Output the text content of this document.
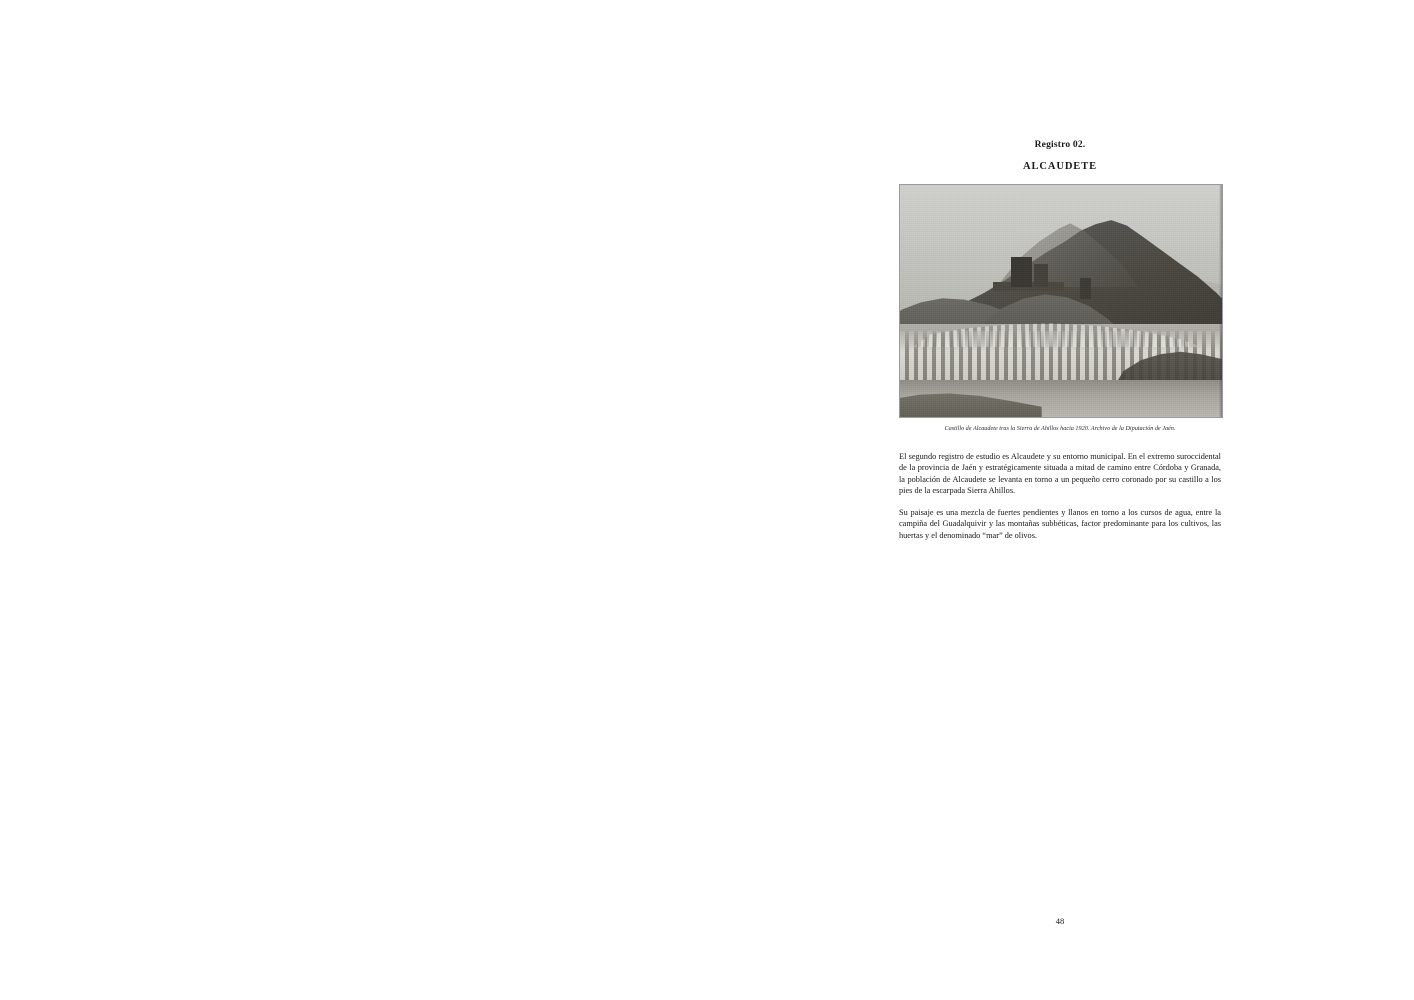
Registro 02.
ALCAUDETE
Castillo de Alcaudete tras la Sierra de Ahillos hacia 1920. Archivo de la Diputación de Jaén.

El segundo registro de estudio es Alcaudete y su entorno municipal. En el extremo suroccidental de la provincia de Jaén y estratégicamente situada a mitad de camino entre Córdoba y Granada, la población de Alcaudete se levanta en torno a un pequeño cerro coronado por su castillo a los pies de la escarpada Sierra Ahillos.

Su paisaje es una mezcla de fuertes pendientes y llanos en torno a los cursos de agua, entre la campiña del Guadalquivir y las montañas subbéticas, factor predominante para los cultivos, las huertas y el denominado “mar” de olivos.

48
